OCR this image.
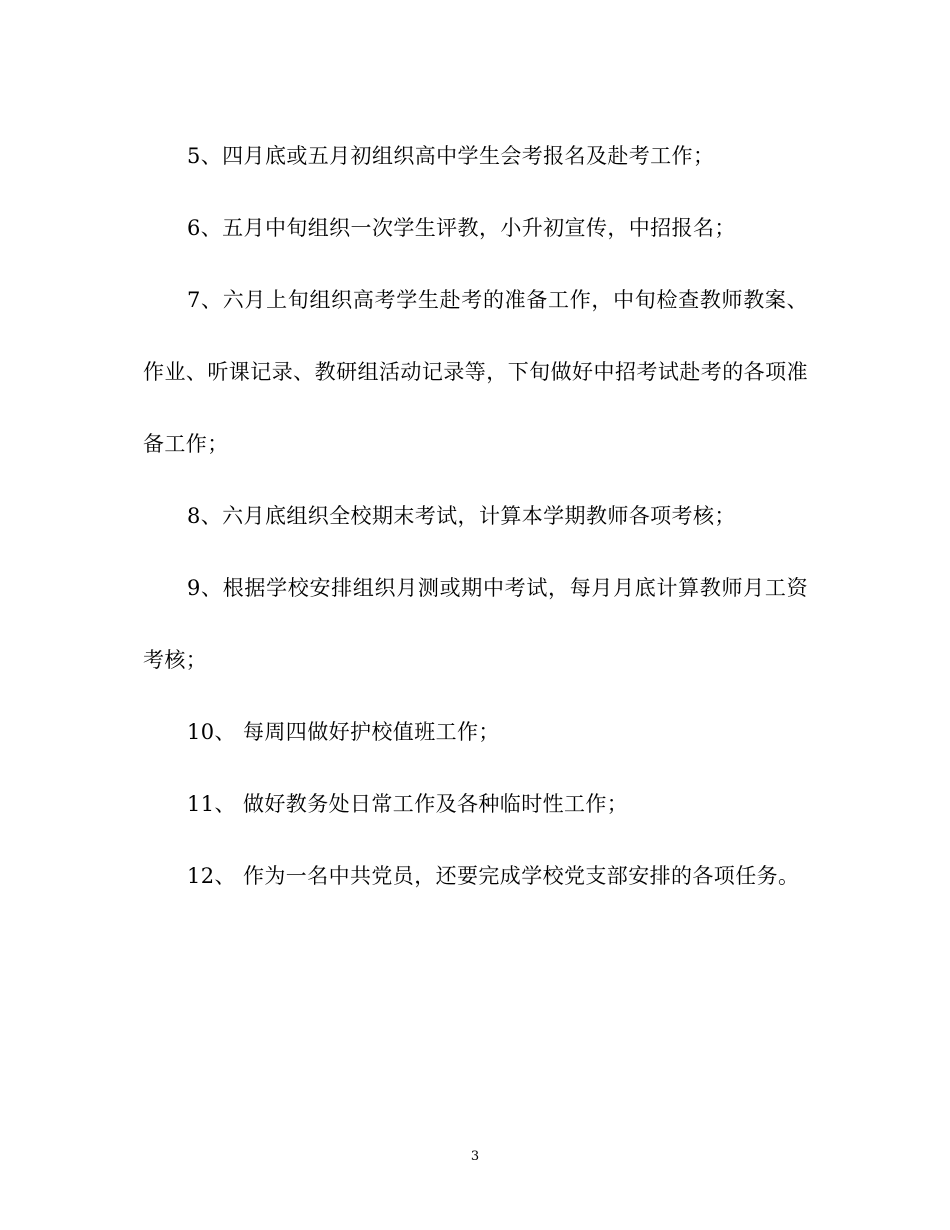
5、四月底或五月初组织高中学生会考报名及赴考工作；

6、五月中旬组织一次学生评教，小升初宣传，中招报名；

7、六月上旬组织高考学生赴考的准备工作，中旬检查教师教案、作业、听课记录、教研组活动记录等，下旬做好中招考试赴考的各项准备工作；

8、六月底组织全校期末考试，计算本学期教师各项考核；

9、根据学校安排组织月测或期中考试，每月月底计算教师月工资考核；

10、 每周四做好护校值班工作；

11、 做好教务处日常工作及各种临时性工作；

12、 作为一名中共党员，还要完成学校党支部安排的各项任务。

3
